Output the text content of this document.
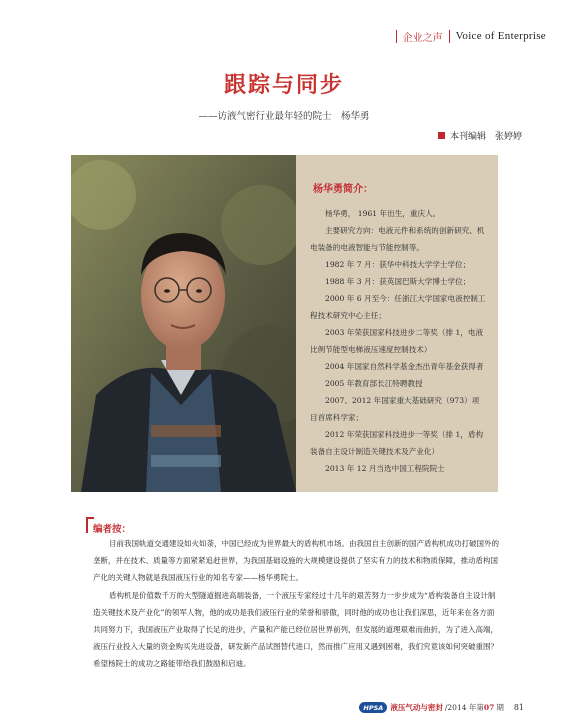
企业之声 Voice of Enterprise
跟踪与同步
——访液气密行业最年轻的院士　杨华勇
本刊编辑　张婷婷
杨华勇简介：

杨华勇， 1961 年出生，重庆人。

主要研究方向：电液元件和系统的创新研究、机电装备的电液智能与节能控制等。

1982 年 7 月：获华中科技大学学士学位；

1988 年 3 月：获英国巴斯大学博士学位；

2000 年 6 月至今：任浙江大学国家电液控制工程技术研究中心主任；

2003 年荣获国家科技进步二等奖（排 1，电液比例节能型电梯液压速度控制技术）

2004 年国家自然科学基金杰出青年基金获得者

2005 年教育部长江特聘教授

2007、2012 年国家重大基础研究（973）项目首席科学家；

2012 年荣获国家科技进步一等奖（排 1，盾构装备自主设计制造关键技术及产业化）

2013 年 12 月当选中国工程院院士

编者按：

目前我国轨道交通建设如火如荼，中国已经成为世界最大的盾构机市场。由我国自主创新的国产盾构机成功打破国外的垄断，并在技术、质量等方面紧紧追赶世界，为我国基础设施的大规模建设提供了坚实有力的技术和物质保障，推动盾构国产化的关键人物就是我国液压行业的知名专家——杨华勇院士。

盾构机是价值数千万的大型隧道掘进高端装备，一个液压专家经过十几年的艰苦努力一步步成为“盾构装备自主设计制造关键技术及产业化”的领军人物，他的成功是我们液压行业的荣誉和骄傲，同时他的成功也让我们深思，近年来在各方面共同努力下，我国液压产业取得了长足的进步，产量和产能已经位居世界前列，但发展的道理艰难而曲折，为了进入高端，液压行业投入大量的资金购买先进设备，研发新产品试图替代进口，然而推广应用又遇到困难，我们究竟该如何突破重围？希望杨院士的成功之路能带给我们鼓励和启迪。

HPSA 液压气动与密封 /2014 年第 07 期 81
